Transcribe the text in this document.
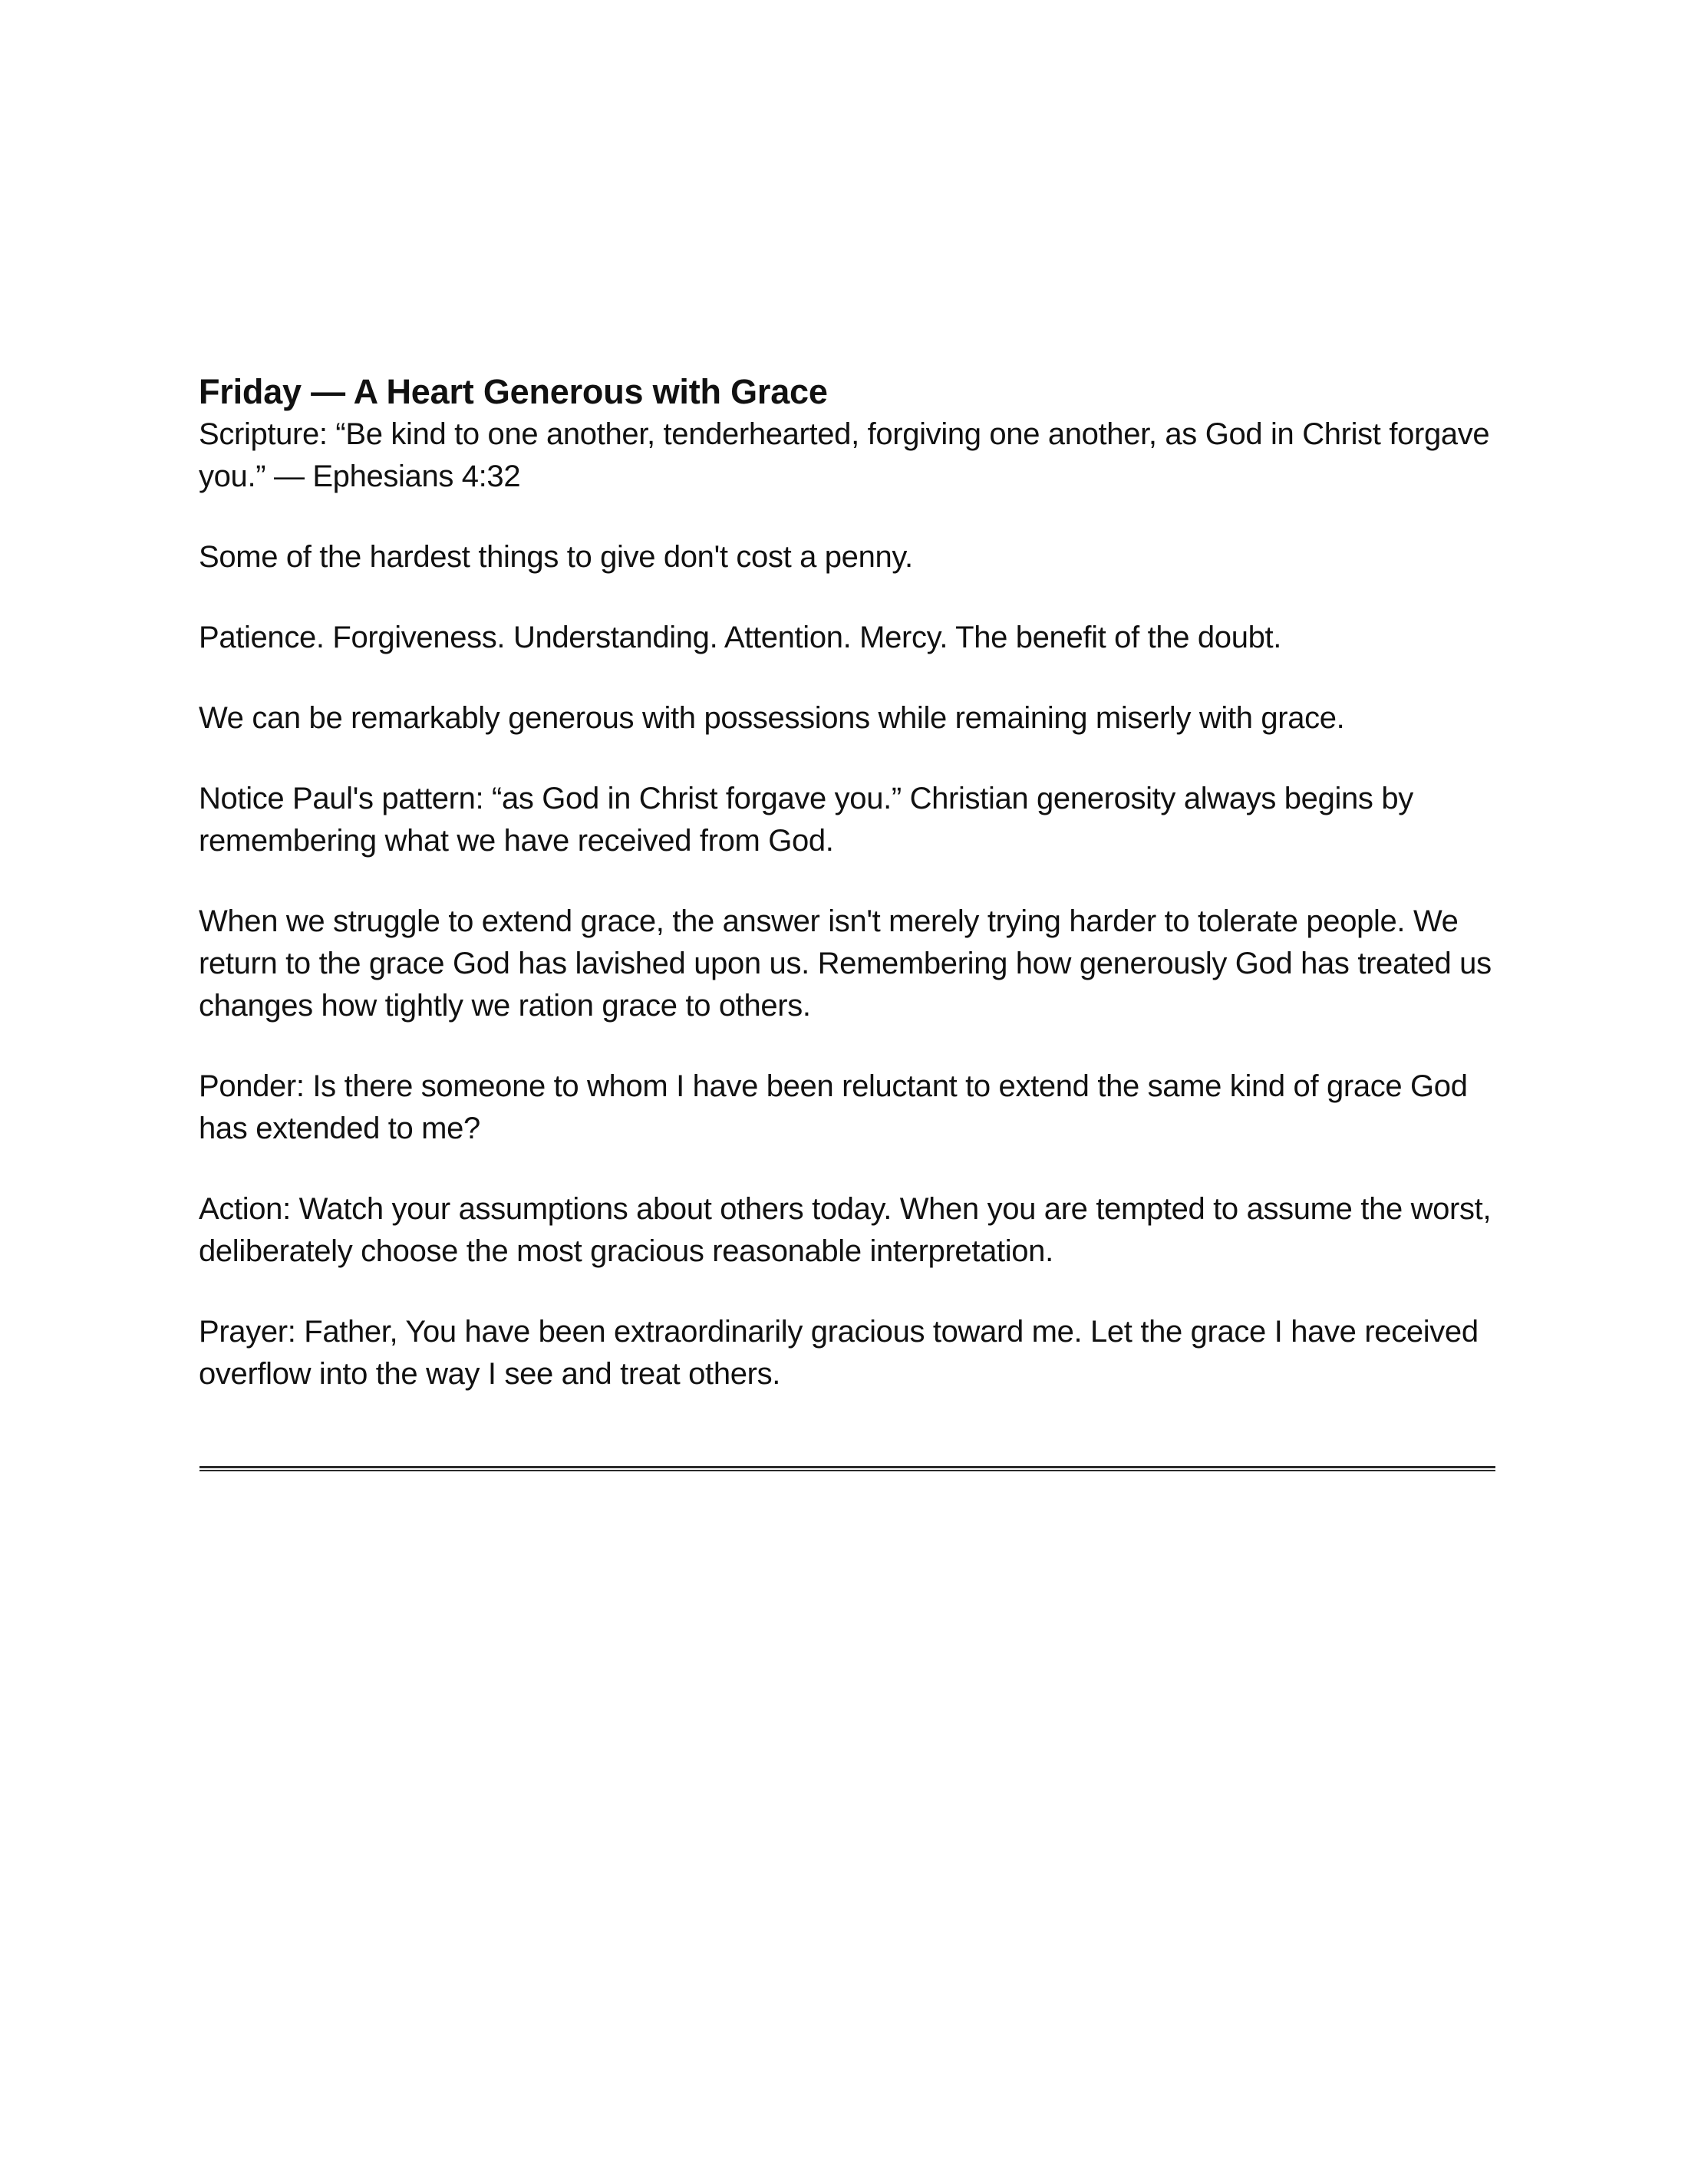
Friday — A Heart Generous with Grace

Scripture: “Be kind to one another, tenderhearted, forgiving one another, as God in Christ forgave you.” — Ephesians 4:32

Some of the hardest things to give don't cost a penny.

Patience. Forgiveness. Understanding. Attention. Mercy. The benefit of the doubt.

We can be remarkably generous with possessions while remaining miserly with grace.

Notice Paul's pattern: “as God in Christ forgave you.” Christian generosity always begins by remembering what we have received from God.

When we struggle to extend grace, the answer isn't merely trying harder to tolerate people. We return to the grace God has lavished upon us. Remembering how generously God has treated us changes how tightly we ration grace to others.

Ponder: Is there someone to whom I have been reluctant to extend the same kind of grace God has extended to me?

Action: Watch your assumptions about others today. When you are tempted to assume the worst, deliberately choose the most gracious reasonable interpretation.

Prayer: Father, You have been extraordinarily gracious toward me. Let the grace I have received overflow into the way I see and treat others.
